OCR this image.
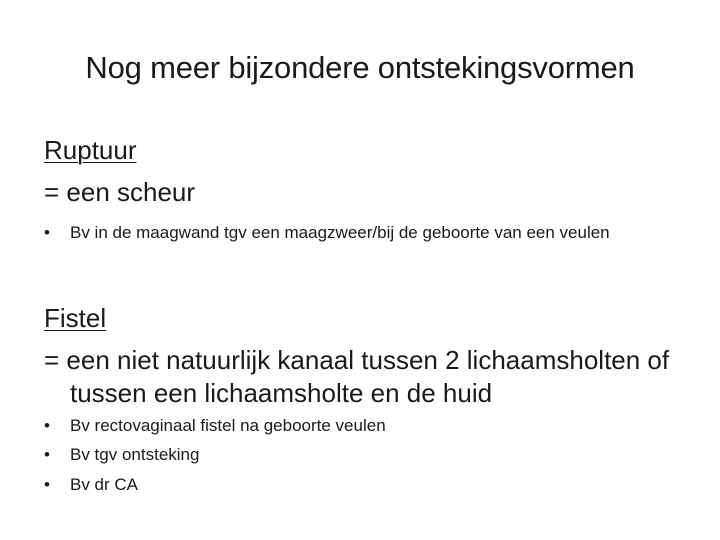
Nog meer bijzondere ontstekingsvormen
Ruptuur
= een scheur
• Bv in de maagwand tgv een maagzweer/bij de geboorte van een veulen
Fistel
= een niet natuurlijk kanaal tussen 2 lichaamsholten of
tussen een lichaamsholte en de huid
• Bv rectovaginaal fistel na geboorte veulen
• Bv tgv ontsteking
• Bv dr CA
